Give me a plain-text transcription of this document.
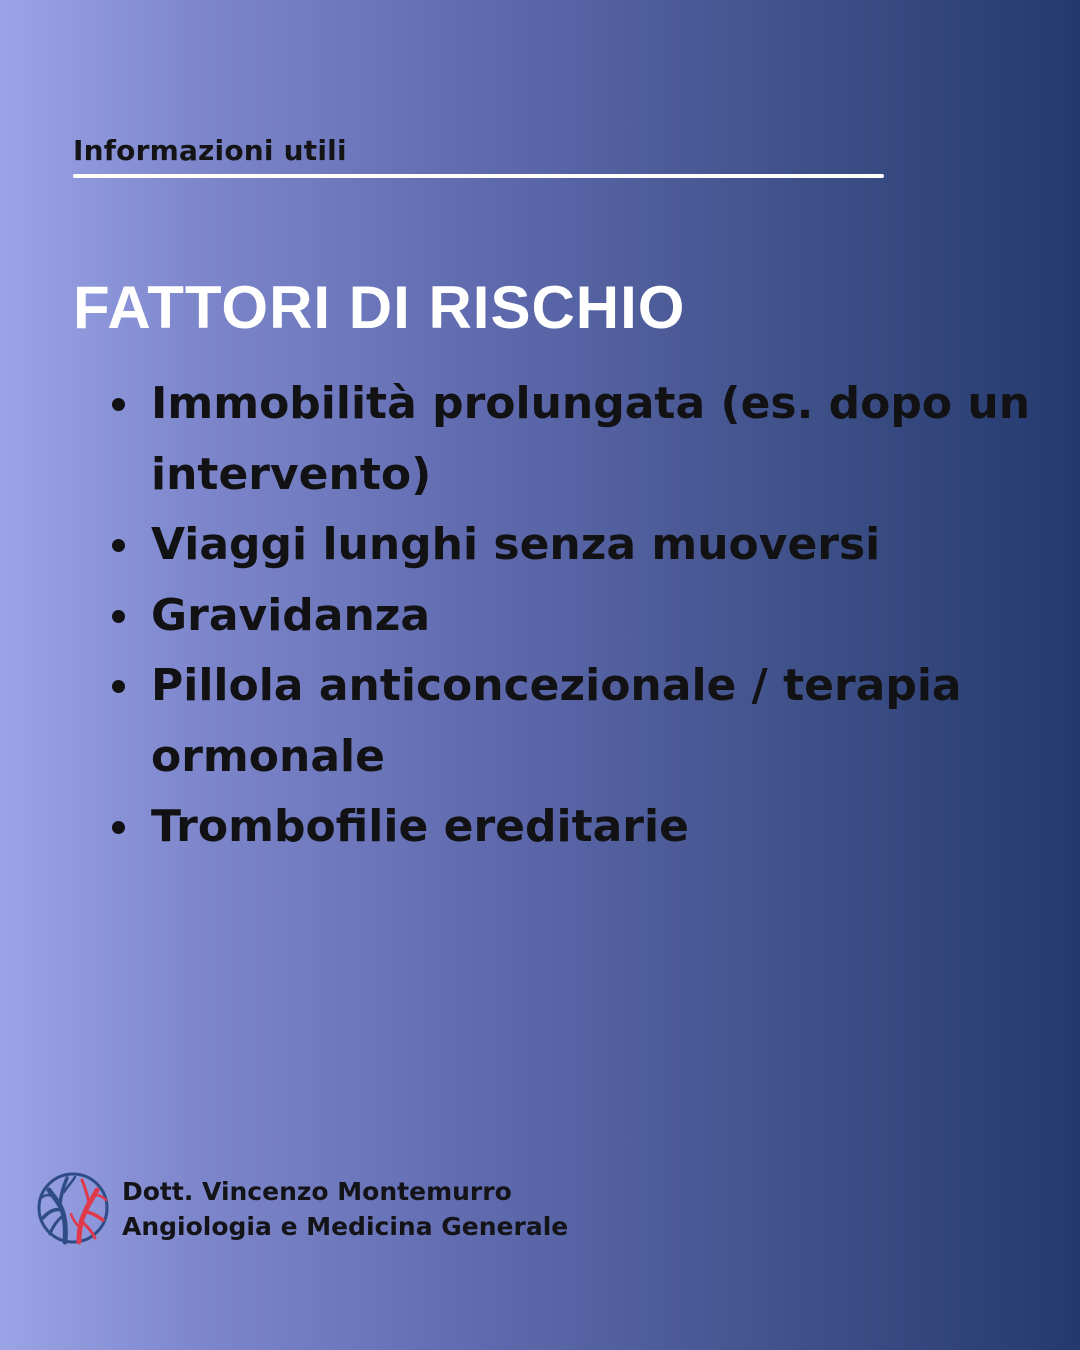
Informazioni utili
FATTORI DI RISCHIO
Immobilità prolungata (es. dopo un intervento)
Viaggi lunghi senza muoversi
Gravidanza
Pillola anticoncezionale / terapia ormonale
Trombofilie ereditarie
Dott. Vincenzo Montemurro
Angiologia e Medicina Generale
